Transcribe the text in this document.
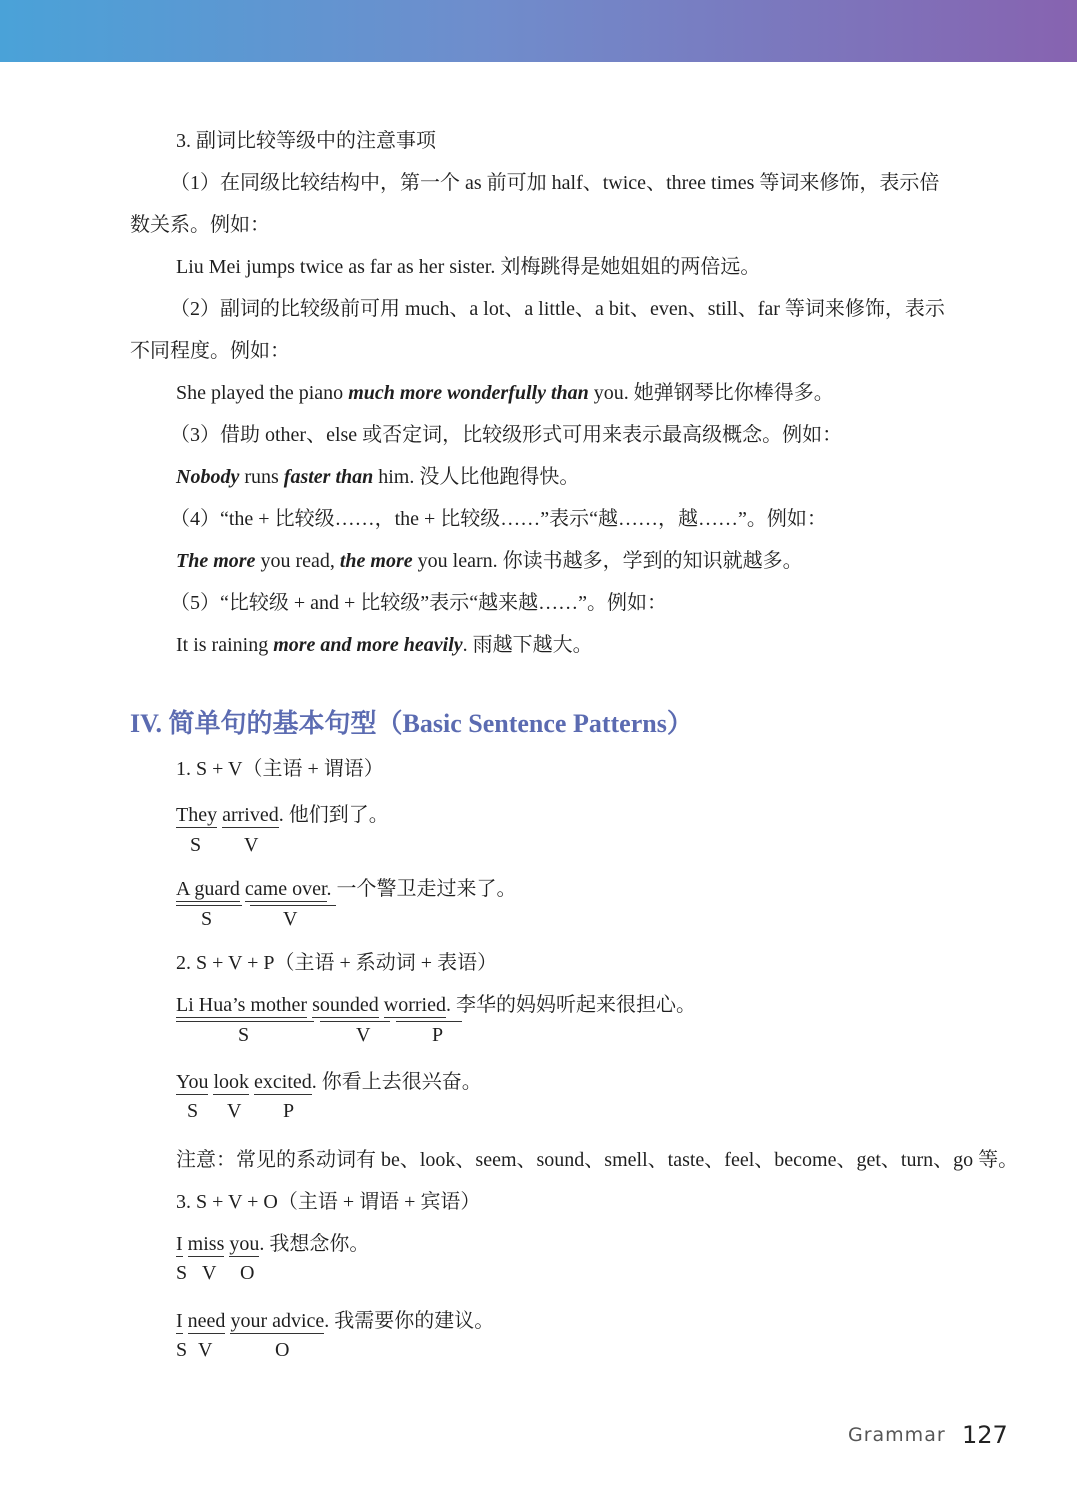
3. 副词比较等级中的注意事项
（1）在同级比较结构中，第一个 as 前可加 half、twice、three times 等词来修饰，表示倍
数关系。例如：
Liu Mei jumps twice as far as her sister. 刘梅跳得是她姐姐的两倍远。
（2）副词的比较级前可用 much、a lot、a little、a bit、even、still、far 等词来修饰，表示
不同程度。例如：
She played the piano much more wonderfully than you. 她弹钢琴比你棒得多。
（3）借助 other、else 或否定词，比较级形式可用来表示最高级概念。例如：
Nobody runs faster than him. 没人比他跑得快。
（4）“the + 比较级……，the + 比较级……”表示“越……，越……”。例如：
The more you read, the more you learn. 你读书越多，学到的知识就越多。
（5）“比较级 + and + 比较级”表示“越来越……”。例如：
It is raining more and more heavily. 雨越下越大。
IV. 简单句的基本句型（Basic Sentence Patterns）
1. S + V（主语 + 谓语）
They arrived. 他们到了。
S V
A guard came over. 一个警卫走过来了。
S	V
2. S + V + P（主语 + 系动词 + 表语）
Li Hua’s mother sounded worried. 李华的妈妈听起来很担心。
S	V	P
You look excited. 你看上去很兴奋。
S V P
注意：常见的系动词有 be、look、seem、sound、smell、taste、feel、become、get、turn、go 等。
3. S + V + O（主语 + 谓语 + 宾语）
I miss you. 我想念你。
S V O
I need your advice. 我需要你的建议。
S V	O
Grammar 127
